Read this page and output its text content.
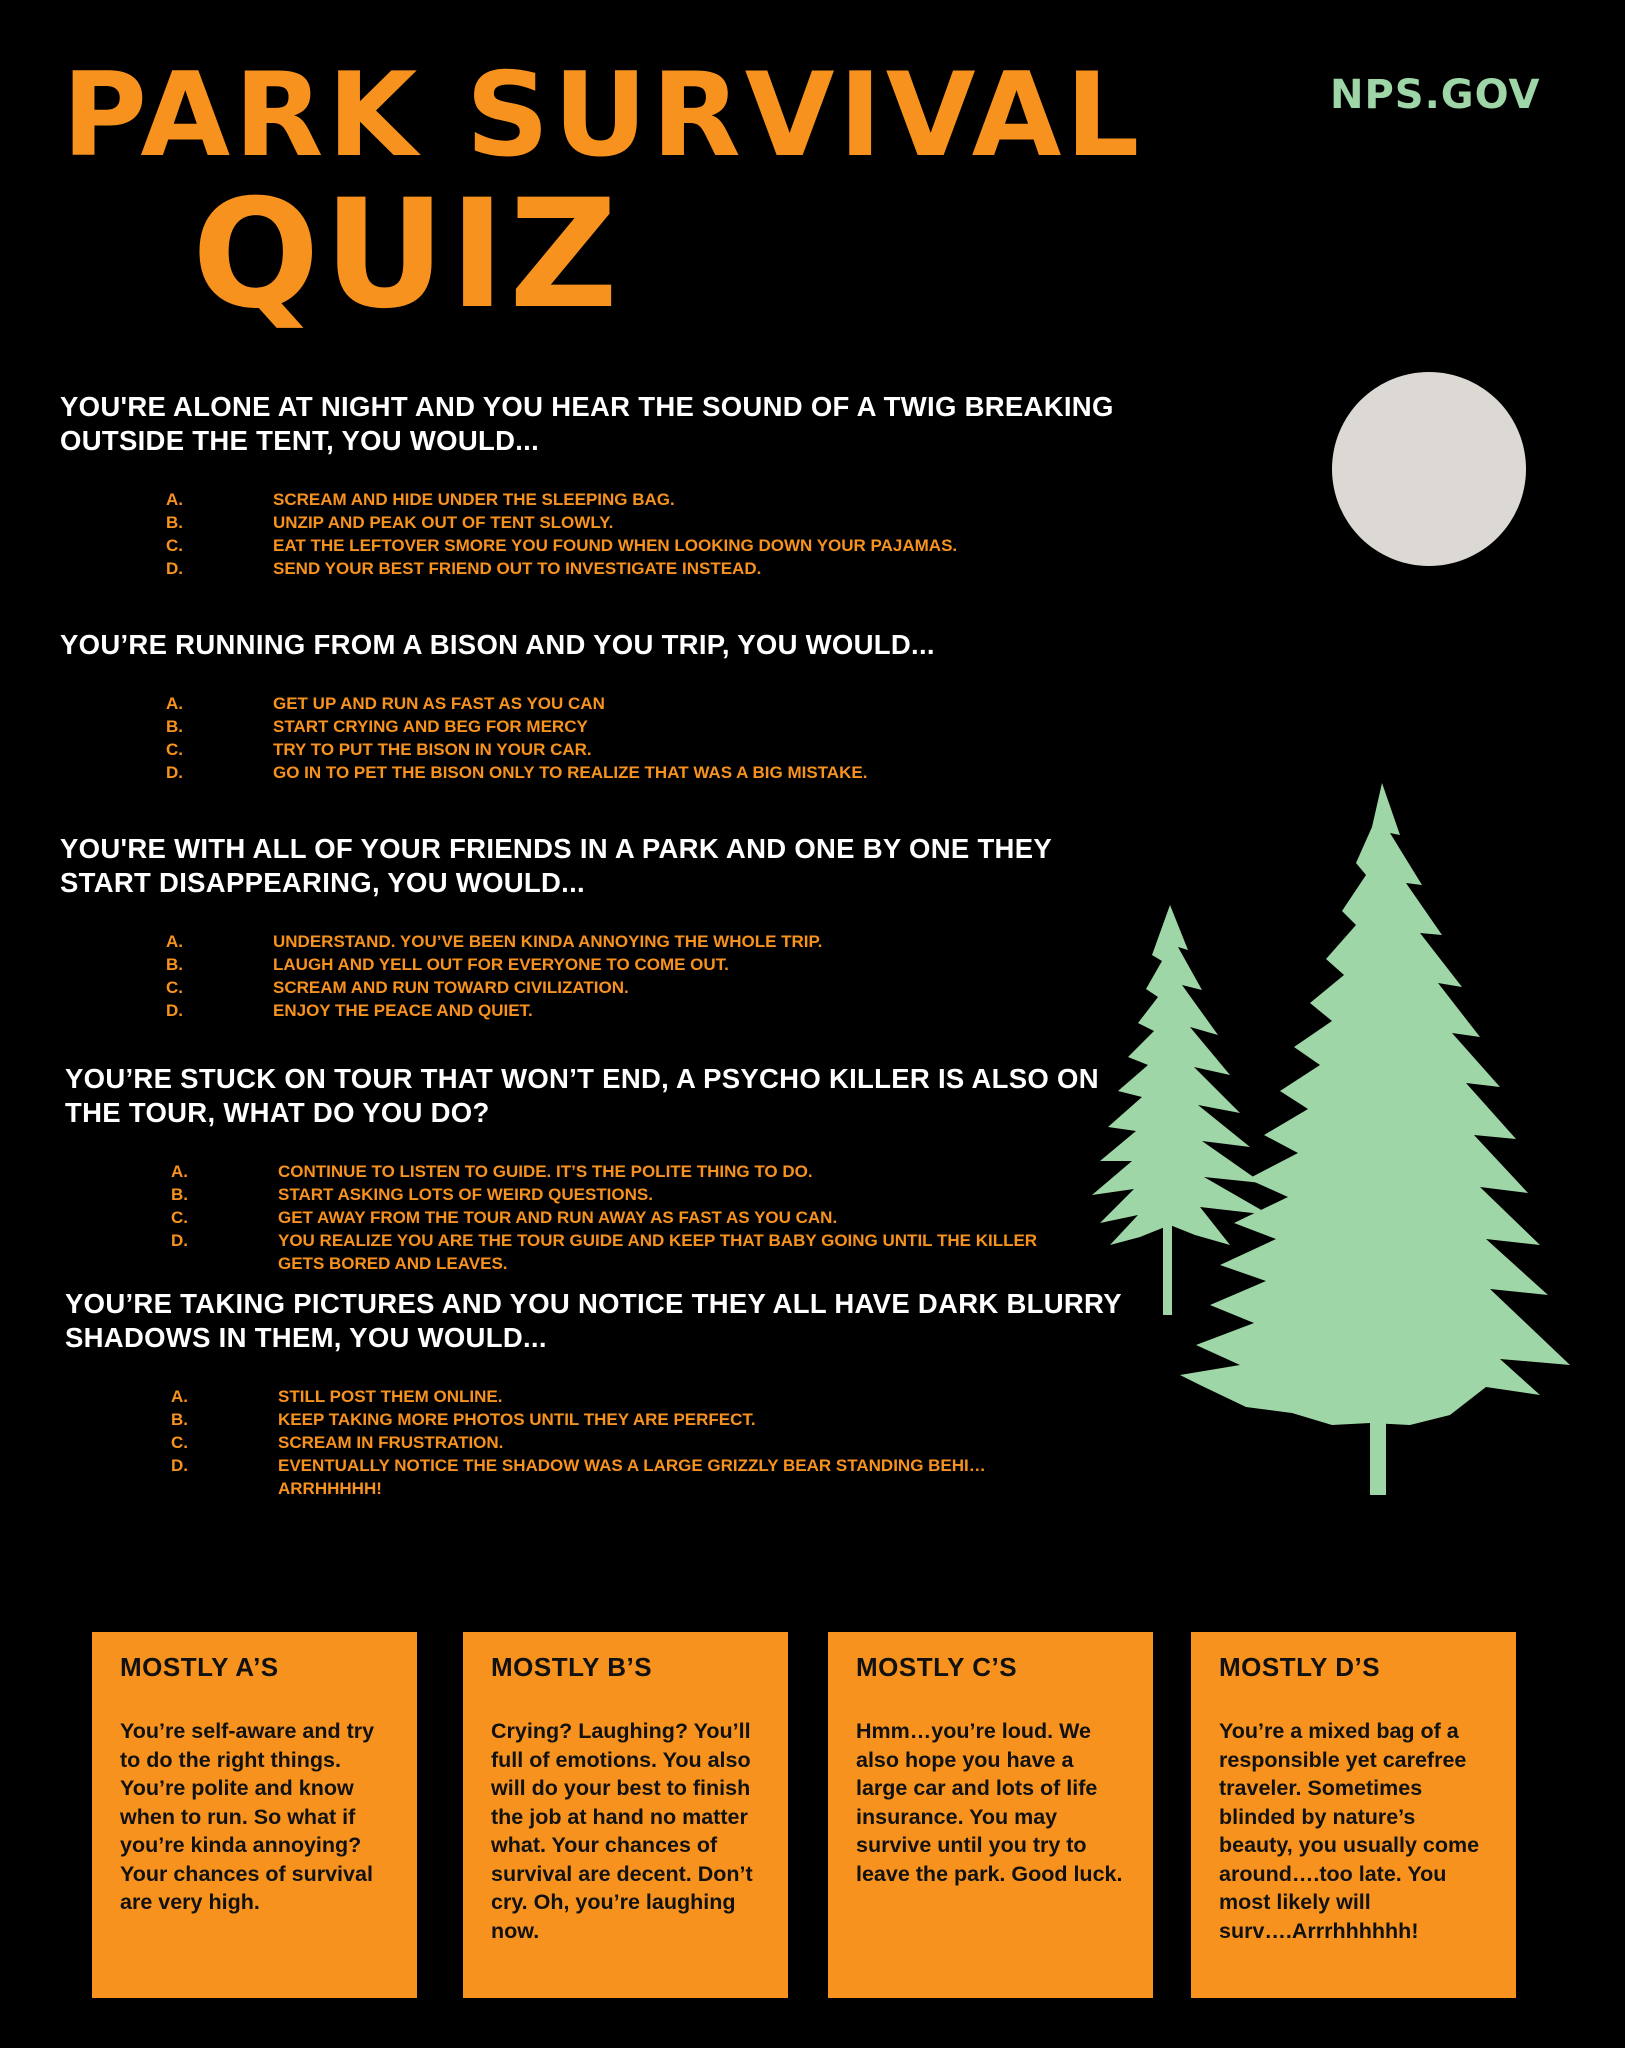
PARK SURVIVAL
QUIZ
NPS.GOV

YOU'RE ALONE AT NIGHT AND YOU HEAR THE SOUND OF A TWIG BREAKING OUTSIDE THE TENT, YOU WOULD...

A.	SCREAM AND HIDE UNDER THE SLEEPING BAG.
B.	UNZIP AND PEAK OUT OF TENT SLOWLY.
C.	EAT THE LEFTOVER SMORE YOU FOUND WHEN LOOKING DOWN YOUR PAJAMAS.
D.	SEND YOUR BEST FRIEND OUT TO INVESTIGATE INSTEAD.

YOU’RE RUNNING FROM A BISON AND YOU TRIP, YOU WOULD...

A.	GET UP AND RUN AS FAST AS YOU CAN
B.	START CRYING AND BEG FOR MERCY
C.	TRY TO PUT THE BISON IN YOUR CAR.
D.	GO IN TO PET THE BISON ONLY TO REALIZE THAT WAS A BIG MISTAKE.

YOU'RE WITH ALL OF YOUR FRIENDS IN A PARK AND ONE BY ONE THEY START DISAPPEARING, YOU WOULD...

A.	UNDERSTAND. YOU’VE BEEN KINDA ANNOYING THE WHOLE TRIP.
B.	LAUGH AND YELL OUT FOR EVERYONE TO COME OUT.
C.	SCREAM AND RUN TOWARD CIVILIZATION.
D.	ENJOY THE PEACE AND QUIET.

YOU’RE STUCK ON TOUR THAT WON’T END, A PSYCHO KILLER IS ALSO ON THE TOUR, WHAT DO YOU DO?

A.	CONTINUE TO LISTEN TO GUIDE. IT’S THE POLITE THING TO DO.
B.	START ASKING LOTS OF WEIRD QUESTIONS.
C.	GET AWAY FROM THE TOUR AND RUN AWAY AS FAST AS YOU CAN.
D.	YOU REALIZE YOU ARE THE TOUR GUIDE AND KEEP THAT BABY GOING UNTIL THE KILLER GETS BORED AND LEAVES.

YOU’RE TAKING PICTURES AND YOU NOTICE THEY ALL HAVE DARK BLURRY SHADOWS IN THEM, YOU WOULD...

A.	STILL POST THEM ONLINE.
B.	KEEP TAKING MORE PHOTOS UNTIL THEY ARE PERFECT.
C.	SCREAM IN FRUSTRATION.
D.	EVENTUALLY NOTICE THE SHADOW WAS A LARGE GRIZZLY BEAR STANDING BEHI…ARRHHHHH!

MOSTLY A’S

You’re self-aware and try to do the right things. You’re polite and know when to run. So what if you’re kinda annoying? Your chances of survival are very high.

MOSTLY B’S

Crying? Laughing? You’ll full of emotions. You also will do your best to finish the job at hand no matter what. Your chances of survival are decent. Don’t cry. Oh, you’re laughing now.

MOSTLY C’S

Hmm…you’re loud. We also hope you have a large car and lots of life insurance. You may survive until you try to leave the park. Good luck.

MOSTLY D’S

You’re a mixed bag of a responsible yet carefree traveler. Sometimes blinded by nature’s beauty, you usually come around….too late. You most likely will surv….Arrrhhhhhh!
